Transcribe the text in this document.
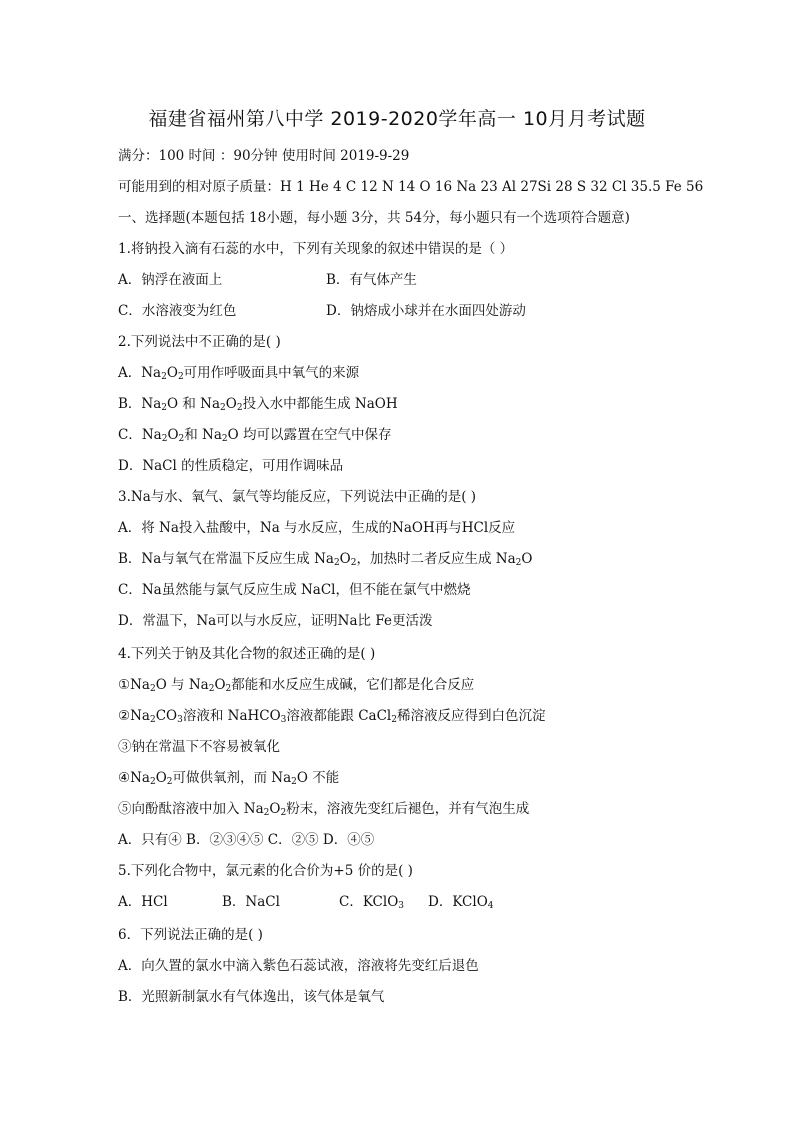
福建省福州第八中学 2019-2020学年高一 10月月考试题
满分：100 时间 ：90分钟 使用时间 2019-9-29
可能用到的相对原子质量：H 1 He 4 C 12 N 14 O 16 Na 23 Al 27Si 28 S 32 Cl 35.5 Fe 56
一、选择题(本题包括 18小题，每小题 3分，共 54分，每小题只有一个选项符合题意)
1.将钠投入滴有石蕊的水中，下列有关现象的叙述中错误的是（ ）
A．钠浮在液面上	B．有气体产生
C．水溶液变为红色	D．钠熔成小球并在水面四处游动
2.下列说法中不正确的是( )
A．$Na_2O_2$可用作呼吸面具中氧气的来源
B．$Na_2O$ 和 $Na_2O_2$投入水中都能生成 NaOH
C．$Na_2O_2$和 $Na_2O$ 均可以露置在空气中保存
D．NaCl 的性质稳定，可用作调味品
3.Na与水、氧气、氯气等均能反应，下列说法中正确的是( )
A．将 Na投入盐酸中，Na 与水反应，生成的NaOH再与HCl反应
B．Na与氧气在常温下反应生成 $Na_2O_2$，加热时二者反应生成 $Na_2O$
C．Na虽然能与氯气反应生成 NaCl，但不能在氯气中燃烧
D．常温下，Na可以与水反应，证明Na比 Fe更活泼
4.下列关于钠及其化合物的叙述正确的是( )
$①Na_2O$ 与 $Na_2O_2$都能和水反应生成碱，它们都是化合反应
$②Na_2CO_3$溶液和 NaHCO$_3$溶液都能跟 CaCl$_2$稀溶液反应得到白色沉淀
③钠在常温下不容易被氧化
$④Na_2O_2$可做供氧剂，而 $Na_2O$ 不能
⑤向酚酞溶液中加入 $Na_2O_2$粉末，溶液先变红后褪色，并有气泡生成
A．只有④ B．②③④⑤ C．②⑤ D．④⑤
5.下列化合物中，氯元素的化合价为+5 价的是( )
A．HCl	B．NaCl	C．KClO$_3$ D．KClO$_4$
6．下列说法正确的是( )
A．向久置的氯水中滴入紫色石蕊试液，溶液将先变红后退色
B．光照新制氯水有气体逸出，该气体是氧气
